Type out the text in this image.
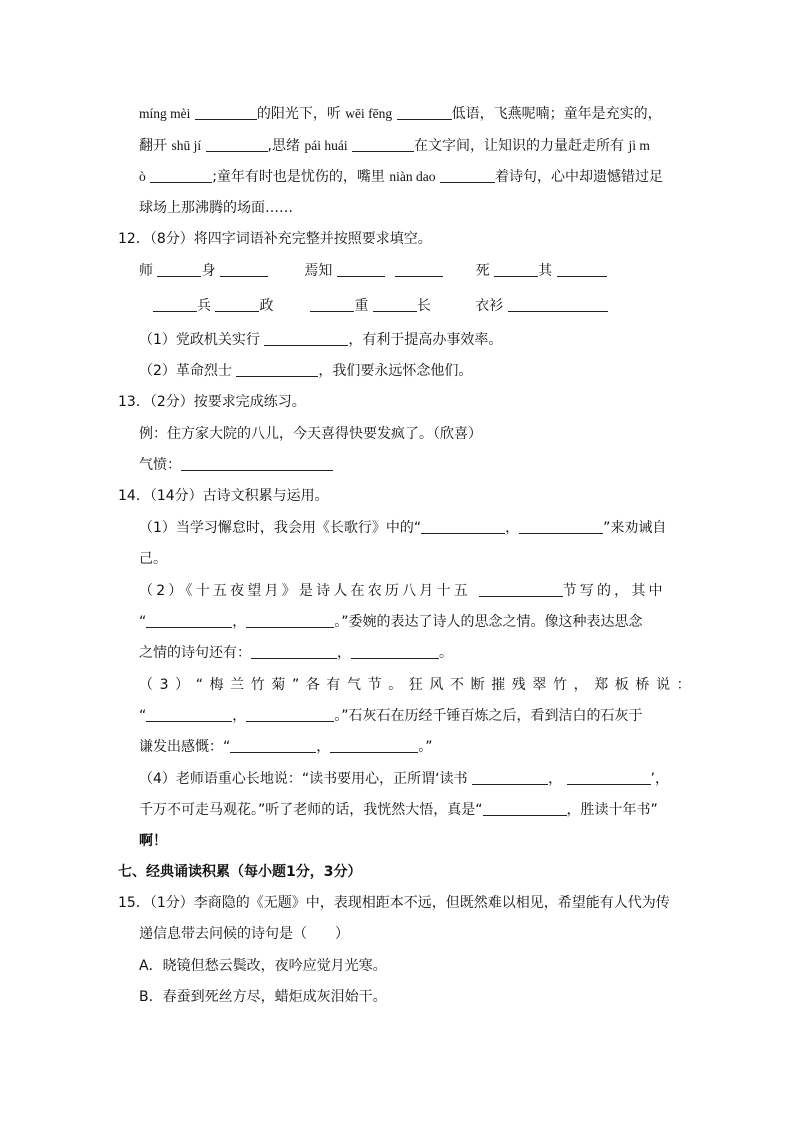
míng mèi	的阳光下，听 wēi fēng	低语，飞燕呢喃；童年是充实的，
翻开 shū jí	,思绪 pái huái	在文字间，让知识的力量赶走所有 jì m
ò	;童年有时也是忧伤的，嘴里 niàn dao	着诗句，心中却遗憾错过足
球场上那沸腾的场面……
12．（8分）将四字词语补充完整并按照要求填空。
师	身	焉知	死	其
兵	政	重	长	衣衫
（1）党政机关实行	，有利于提高办事效率。
（2）革命烈士	，我们要永远怀念他们。
13．（2分）按要求完成练习。
例：住方家大院的八儿，今天喜得快要发疯了。（欣喜）
气愤：
14．（14分）古诗文积累与运用。
（1）当学习懈怠时，我会用《长歌行》中的“	，	”来劝诫自
己。
（2）《十五夜望月》是诗人在农历八月十五	节写的，其中
“	，	。”委婉的表达了诗人的思念之情。像这种表达思念
之情的诗句还有：	，	。
（3）“梅兰竹菊”各有气节。狂风不断摧残翠竹，郑板桥说：
“	，	。”石灰石在历经千锤百炼之后，看到洁白的石灰于
谦发出感慨：“	，	。”
（4）老师语重心长地说：“读书要用心，正所谓‘读书	，	’，
千万不可走马观花。”听了老师的话，我恍然大悟，真是“	，胜读十年书”
啊！
七、经典诵读积累（每小题1分，3分）
15．（1分）李商隐的《无题》中，表现相距本不远，但既然难以相见，希望能有人代为传
递信息带去问候的诗句是（　　）
A．晓镜但愁云鬓改，夜吟应觉月光寒。
B．春蚕到死丝方尽，蜡炬成灰泪始干。
